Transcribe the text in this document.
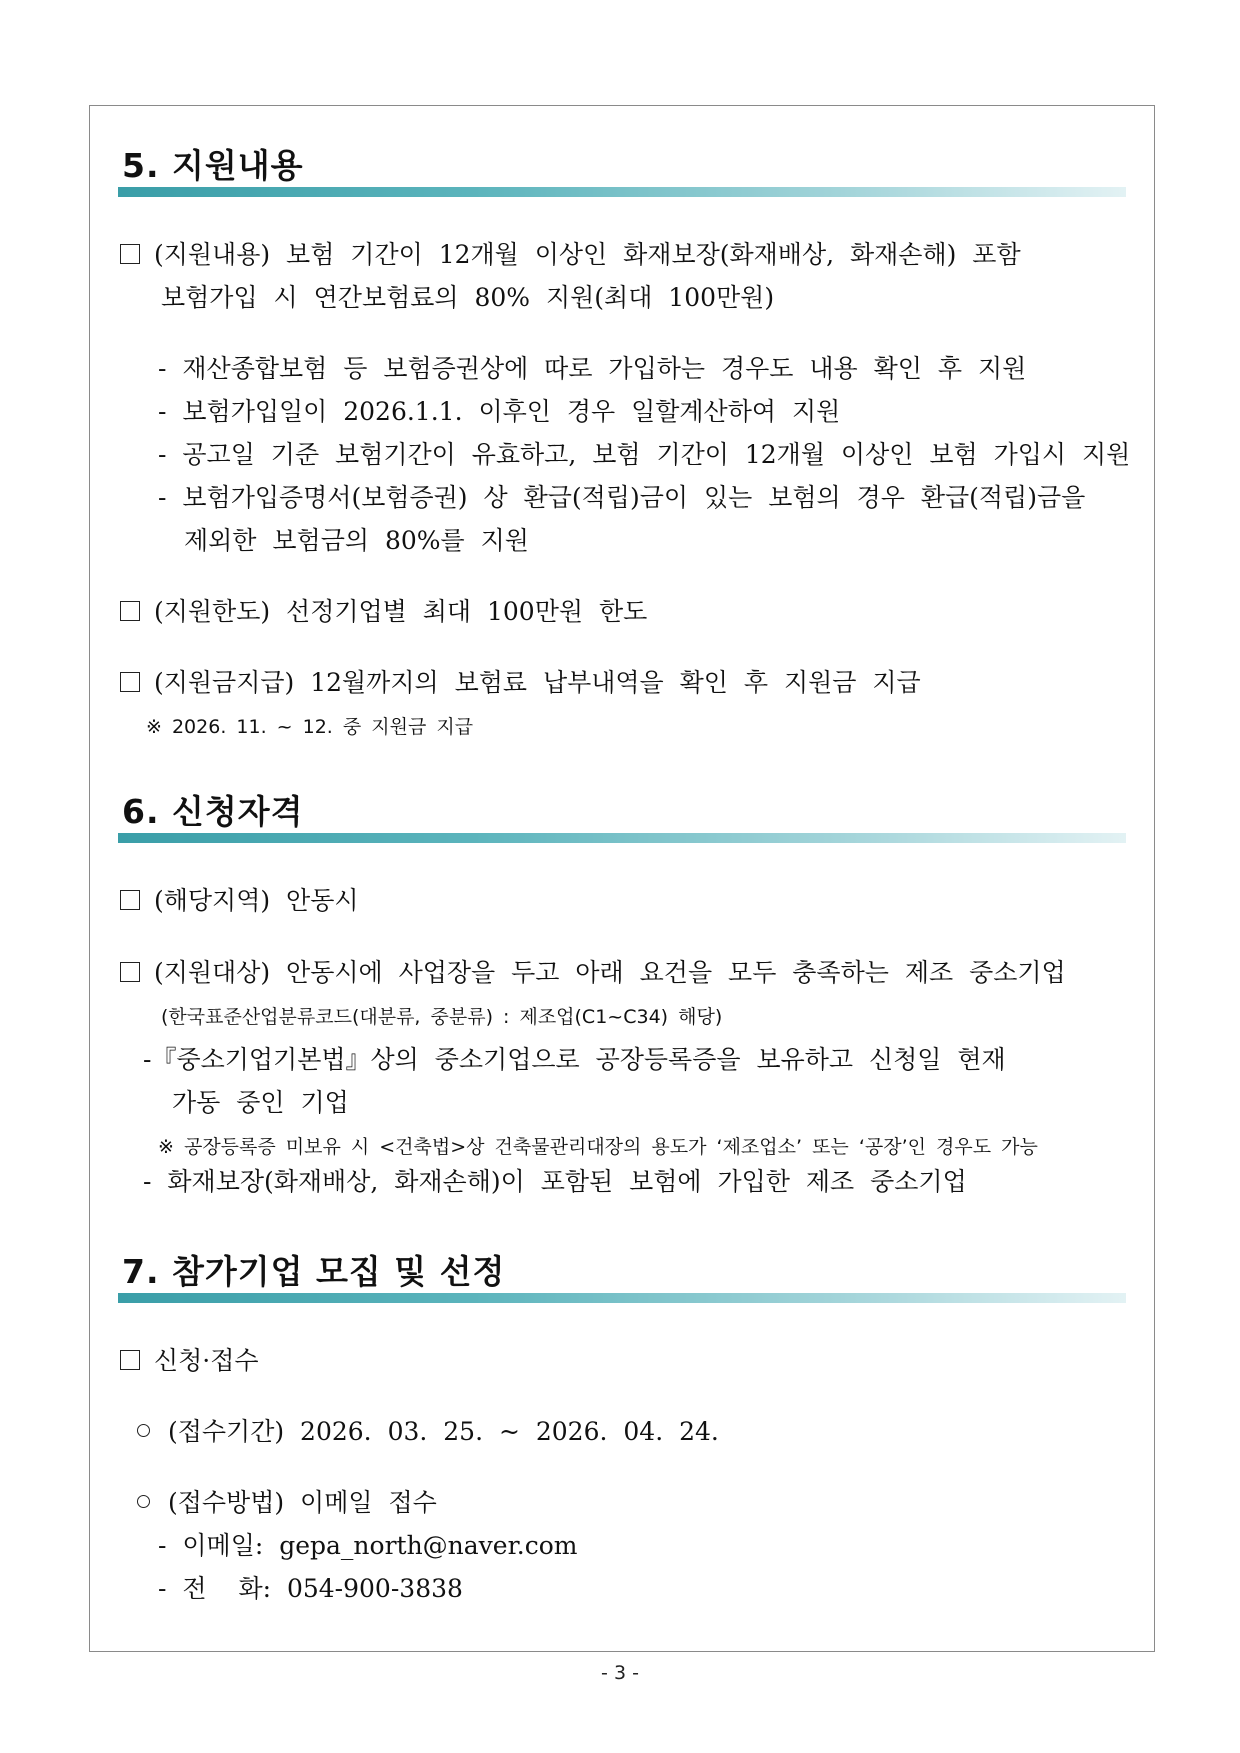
5. 지원내용
(지원내용) 보험 기간이 12개월 이상인 화재보장(화재배상, 화재손해) 포함
보험가입 시 연간보험료의 80% 지원(최대 100만원)
- 재산종합보험 등 보험증권상에 따로 가입하는 경우도 내용 확인 후 지원
- 보험가입일이 2026.1.1. 이후인 경우 일할계산하여 지원
- 공고일 기준 보험기간이 유효하고, 보험 기간이 12개월 이상인 보험 가입시 지원
- 보험가입증명서(보험증권) 상 환급(적립)금이 있는 보험의 경우 환급(적립)금을
제외한 보험금의 80%를 지원
(지원한도) 선정기업별 최대 100만원 한도
(지원금지급) 12월까지의 보험료 납부내역을 확인 후 지원금 지급
※ 2026. 11. ~ 12. 중 지원금 지급
6. 신청자격
(해당지역) 안동시
(지원대상) 안동시에 사업장을 두고 아래 요건을 모두 충족하는 제조 중소기업
(한국표준산업분류코드(대분류, 중분류) : 제조업(C1~C34) 해당)
-『중소기업기본법』상의 중소기업으로 공장등록증을 보유하고 신청일 현재
가동 중인 기업
※ 공장등록증 미보유 시 <건축법>상 건축물관리대장의 용도가 ‘제조업소’ 또는 ‘공장’인 경우도 가능
- 화재보장(화재배상, 화재손해)이 포함된 보험에 가입한 제조 중소기업
7. 참가기업 모집 및 선정
신청·접수
(접수기간) 2026. 03. 25. ~ 2026. 04. 24.
(접수방법) 이메일 접수
- 이메일: gepa_north@naver.com
- 전  화: 054-900-3838
- 3 -
